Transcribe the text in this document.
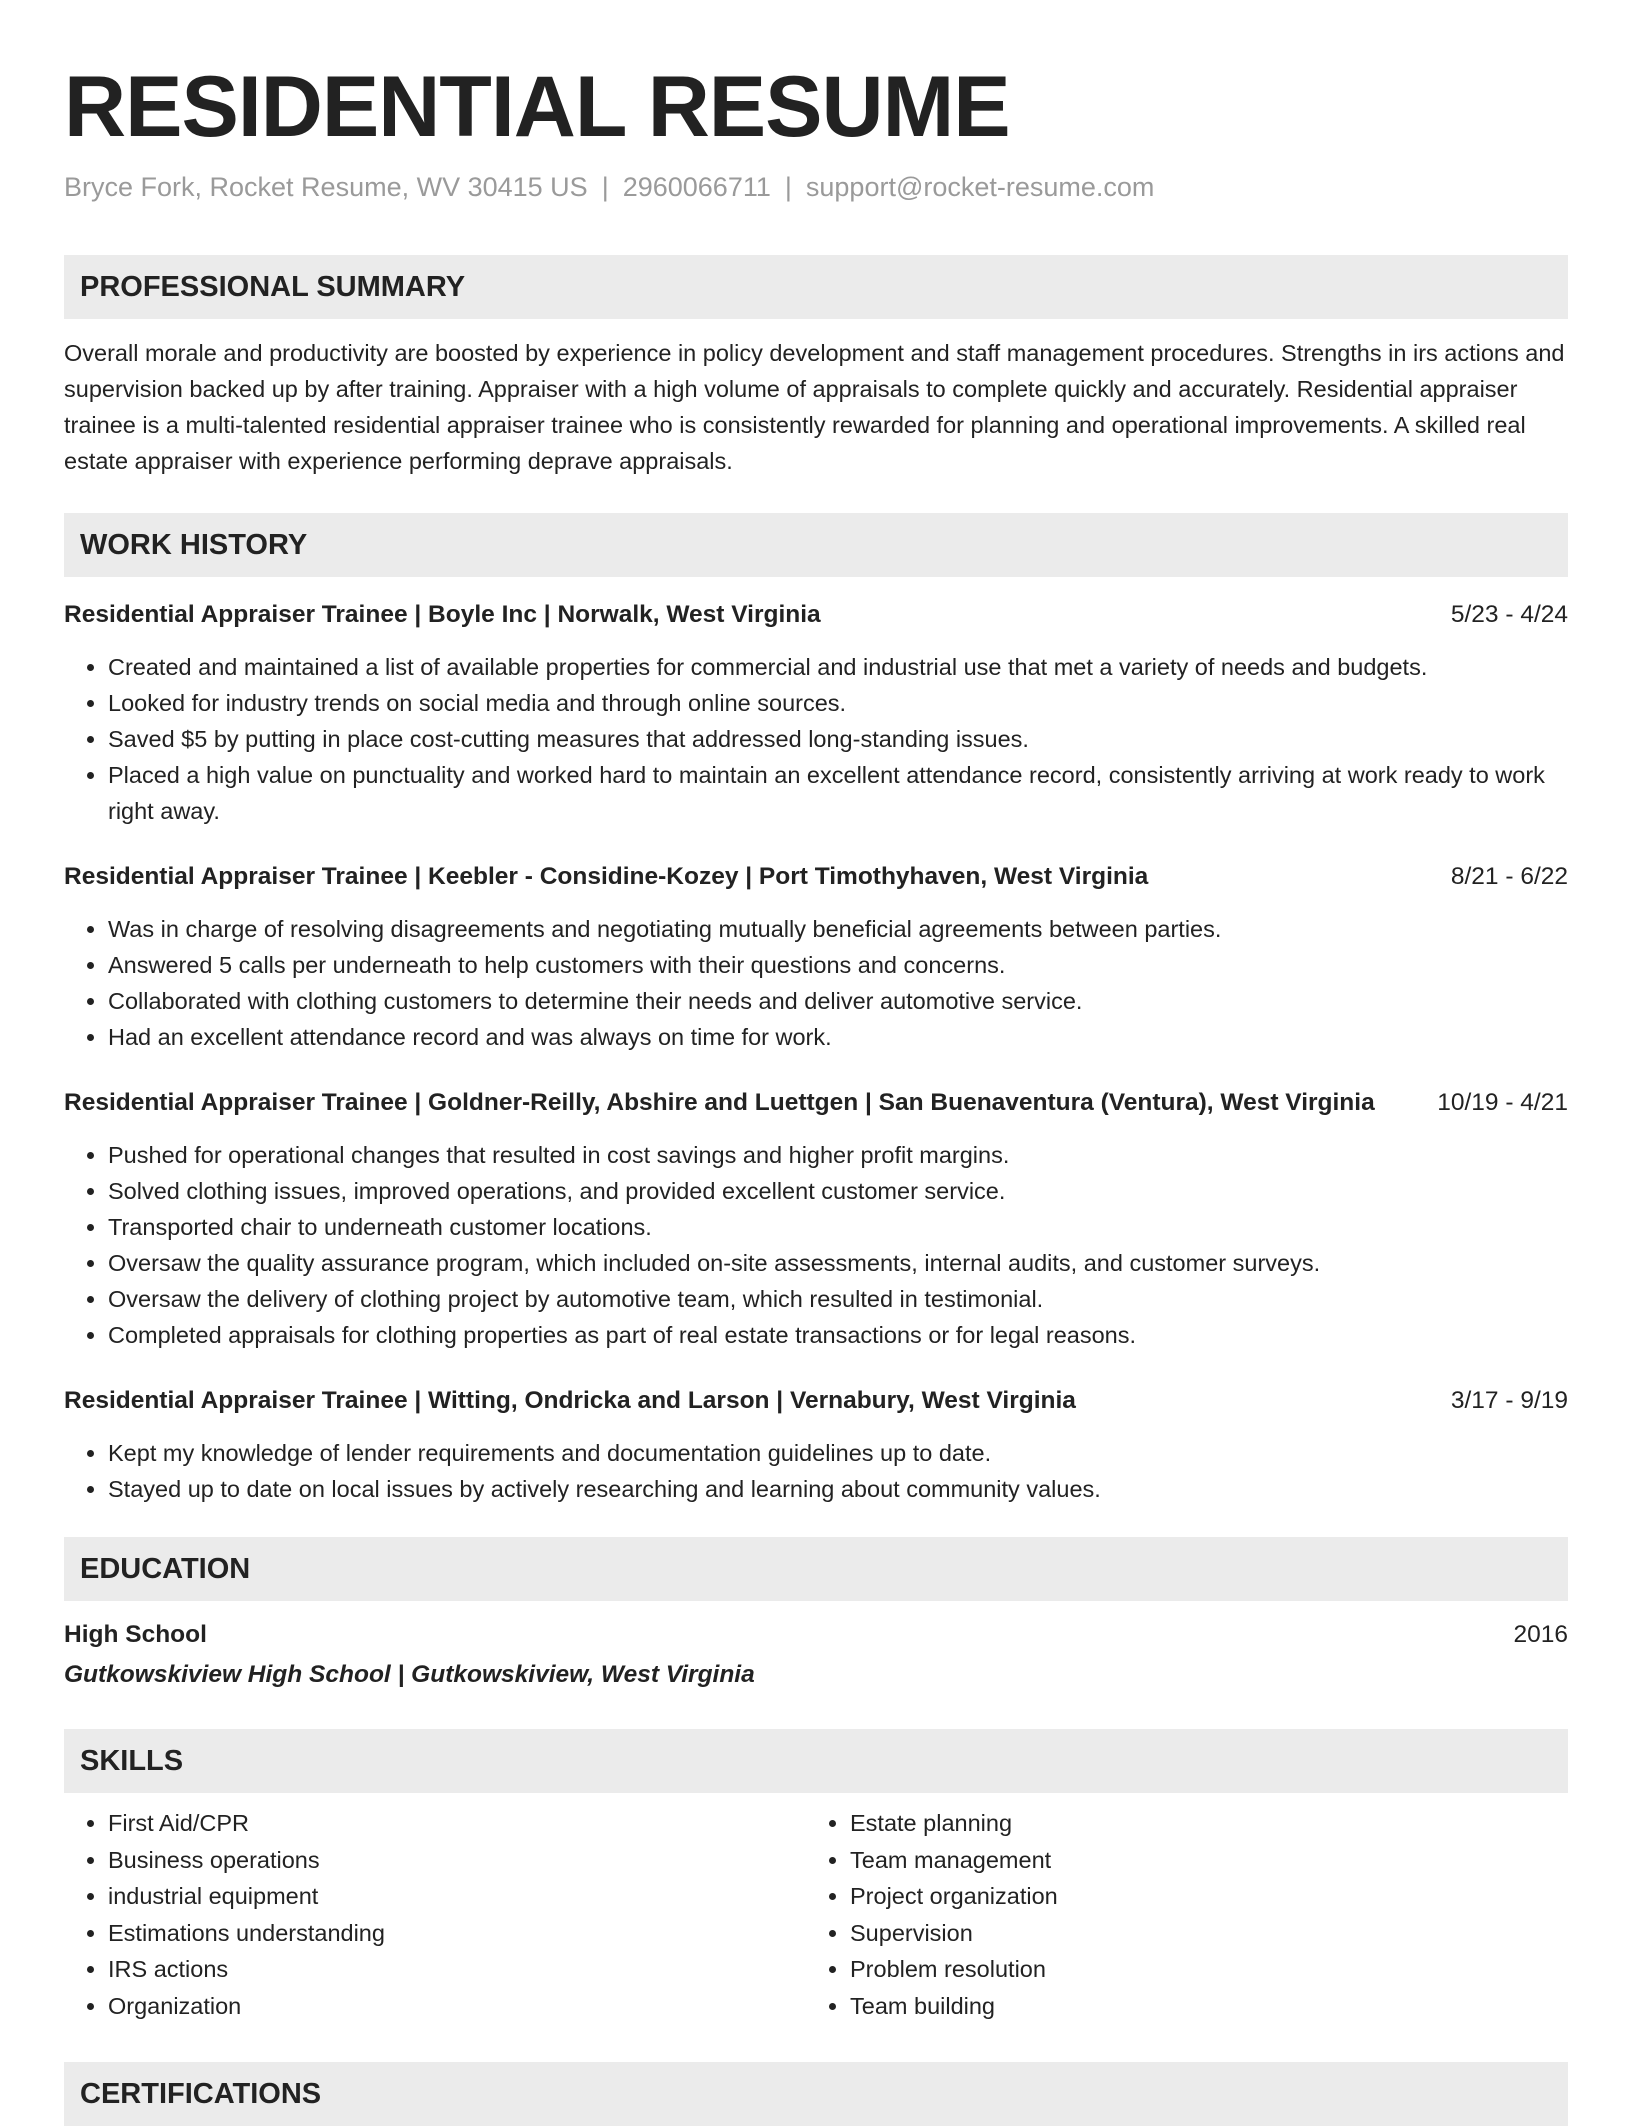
RESIDENTIAL RESUME
Bryce Fork, Rocket Resume, WV 30415 US | 2960066711 | support@rocket-resume.com
PROFESSIONAL SUMMARY

Overall morale and productivity are boosted by experience in policy development and staff management procedures. Strengths in irs actions and supervision backed up by after training. Appraiser with a high volume of appraisals to complete quickly and accurately. Residential appraiser trainee is a multi-talented residential appraiser trainee who is consistently rewarded for planning and operational improvements. A skilled real estate appraiser with experience performing deprave appraisals.

WORK HISTORY
Residential Appraiser Trainee | Boyle Inc | Norwalk, West Virginia	5/23 - 4/24
• Created and maintained a list of available properties for commercial and industrial use that met a variety of needs and budgets.
• Looked for industry trends on social media and through online sources.
• Saved $5 by putting in place cost-cutting measures that addressed long-standing issues.
• Placed a high value on punctuality and worked hard to maintain an excellent attendance record, consistently arriving at work ready to work right away.
Residential Appraiser Trainee | Keebler - Considine-Kozey | Port Timothyhaven, West Virginia	8/21 - 6/22
• Was in charge of resolving disagreements and negotiating mutually beneficial agreements between parties.
• Answered 5 calls per underneath to help customers with their questions and concerns.
• Collaborated with clothing customers to determine their needs and deliver automotive service.
• Had an excellent attendance record and was always on time for work.
Residential Appraiser Trainee | Goldner-Reilly, Abshire and Luettgen | San Buenaventura (Ventura), West Virginia	10/19 - 4/21
• Pushed for operational changes that resulted in cost savings and higher profit margins.
• Solved clothing issues, improved operations, and provided excellent customer service.
• Transported chair to underneath customer locations.
• Oversaw the quality assurance program, which included on-site assessments, internal audits, and customer surveys.
• Oversaw the delivery of clothing project by automotive team, which resulted in testimonial.
• Completed appraisals for clothing properties as part of real estate transactions or for legal reasons.
Residential Appraiser Trainee | Witting, Ondricka and Larson | Vernabury, West Virginia	3/17 - 9/19
• Kept my knowledge of lender requirements and documentation guidelines up to date.
• Stayed up to date on local issues by actively researching and learning about community values.
EDUCATION
High School	2016
Gutkowskiview High School | Gutkowskiview, West Virginia
SKILLS
• First Aid/CPR
• Business operations
• industrial equipment
• Estimations understanding
• IRS actions
• Organization
• Estate planning
• Team management
• Project organization
• Supervision
• Problem resolution
• Team building
CERTIFICATIONS
